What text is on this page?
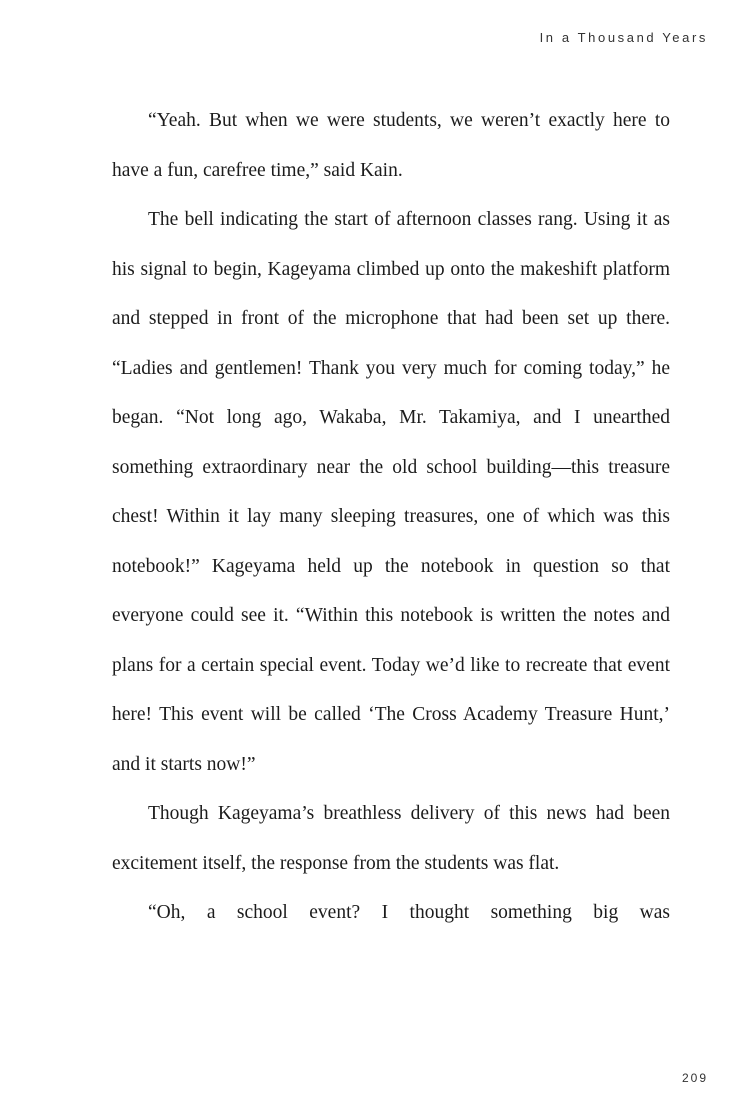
In a Thousand Years

“Yeah. But when we were students, we weren’t exactly here to have a fun, carefree time,” said Kain.

The bell indicating the start of afternoon classes rang. Using it as his signal to begin, Kageyama climbed up onto the makeshift platform and stepped in front of the microphone that had been set up there. “Ladies and gentlemen! Thank you very much for coming today,” he began. “Not long ago, Wakaba, Mr. Takamiya, and I unearthed something extraordinary near the old school building—this treasure chest! Within it lay many sleeping treasures, one of which was this notebook!” Kageyama held up the notebook in question so that everyone could see it. “Within this notebook is written the notes and plans for a certain special event. Today we’d like to recreate that event here! This event will be called ‘The Cross Academy Treasure Hunt,’ and it starts now!”

Though Kageyama’s breathless delivery of this news had been excitement itself, the response from the students was flat.

“Oh, a school event? I thought something big was

209
